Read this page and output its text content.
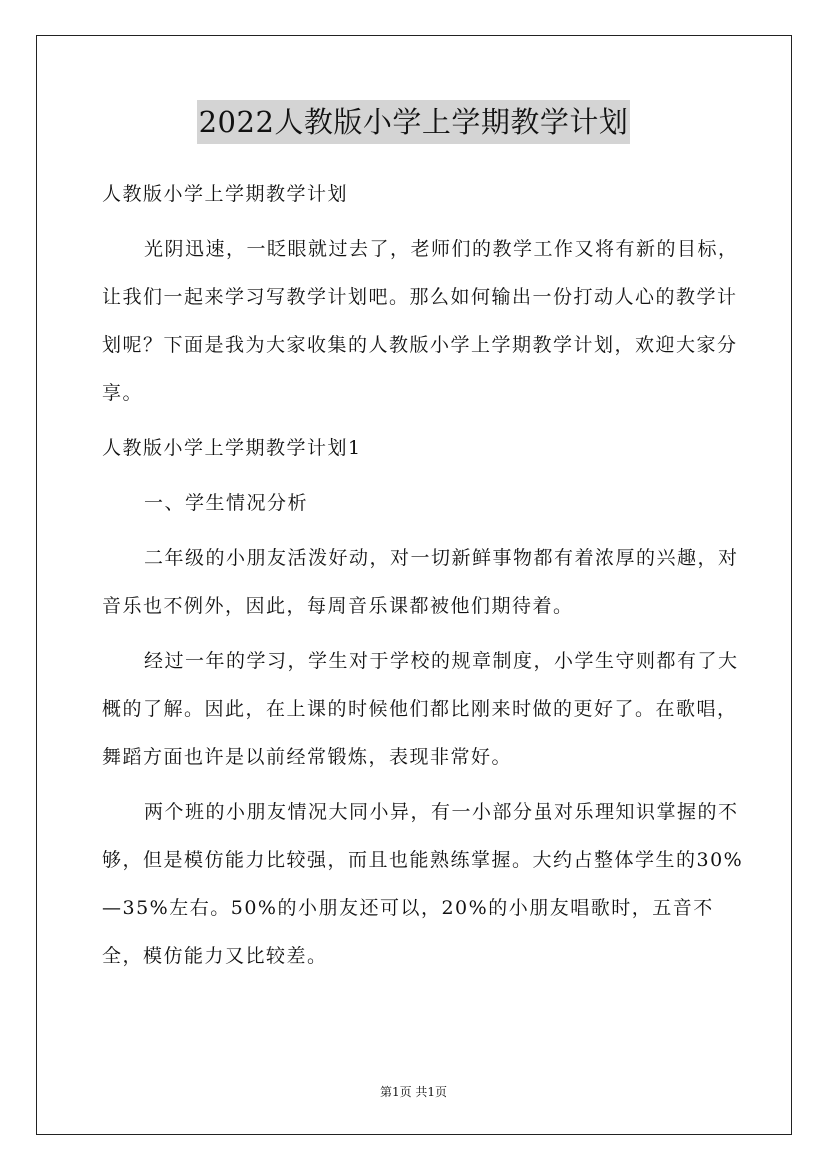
2022人教版小学上学期教学计划

人教版小学上学期教学计划

光阴迅速，一眨眼就过去了，老师们的教学工作又将有新的目标，让我们一起来学习写教学计划吧。那么如何输出一份打动人心的教学计划呢？下面是我为大家收集的人教版小学上学期教学计划，欢迎大家分享。

人教版小学上学期教学计划1

一、学生情况分析

二年级的小朋友活泼好动，对一切新鲜事物都有着浓厚的兴趣，对音乐也不例外，因此，每周音乐课都被他们期待着。

经过一年的学习，学生对于学校的规章制度，小学生守则都有了大概的了解。因此，在上课的时候他们都比刚来时做的更好了。在歌唱，舞蹈方面也许是以前经常锻炼，表现非常好。

两个班的小朋友情况大同小异，有一小部分虽对乐理知识掌握的不够，但是模仿能力比较强，而且也能熟练掌握。大约占整体学生的30%—35%左右。50%的小朋友还可以，20%的小朋友唱歌时，五音不全，模仿能力又比较差。

第1页 共1页
